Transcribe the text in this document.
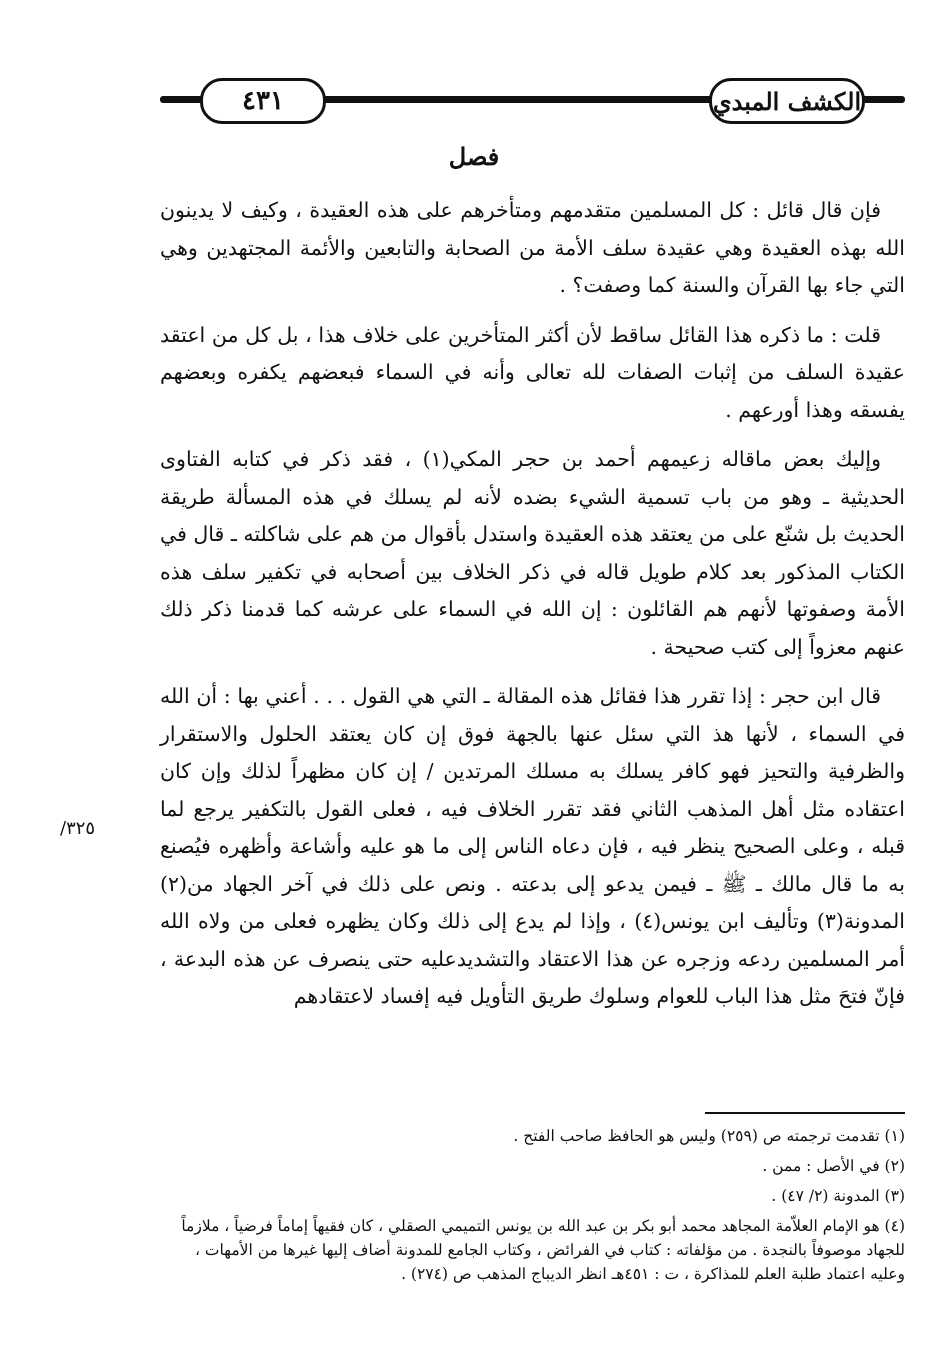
٤٣١	الكشف المبدي
فصل

فإن قال قائل : كل المسلمين متقدمهم ومتأخرهم على هذه العقيدة ، وكيف لا يدينون الله بهذه العقيدة وهي عقيدة سلف الأمة من الصحابة والتابعين والأئمة المجتهدين وهي التي جاء بها القرآن والسنة كما وصفت؟ .

قلت : ما ذكره هذا القائل ساقط لأن أكثر المتأخرين على خلاف هذا ، بل كل من اعتقد عقيدة السلف من إثبات الصفات لله تعالى وأنه في السماء فبعضهم يكفره وبعضهم يفسقه وهذا أورعهم .

وإليك بعض ماقاله زعيمهم أحمد بن حجر المكي(١) ، فقد ذكر في كتابه الفتاوى الحديثية ـ وهو من باب تسمية الشيء بضده لأنه لم يسلك في هذه المسألة طريقة الحديث بل شنّع على من يعتقد هذه العقيدة واستدل بأقوال من هم على شاكلته ـ قال في الكتاب المذكور بعد كلام طويل قاله في ذكر الخلاف بين أصحابه في تكفير سلف هذه الأمة وصفوتها لأنهم هم القائلون : إن الله في السماء على عرشه كما قدمنا ذكر ذلك عنهم معزواً إلى كتب صحيحة .

قال ابن حجر : إذا تقرر هذا فقائل هذه المقالة ـ التي هي القول . . . أعني بها : أن الله في السماء ، لأنها هذ التي سئل عنها بالجهة فوق إن كان يعتقد الحلول والاستقرار والظرفية والتحيز فهو كافر يسلك به مسلك المرتدين / إن كان مظهراً لذلك وإن كان اعتقاده مثل أهل المذهب الثاني فقد تقرر الخلاف فيه ، فعلى القول بالتكفير يرجع لما قبله ، وعلى الصحيح ينظر فيه ، فإن دعاه الناس إلى ما هو عليه وأشاعة وأظهره فيُصنع به ما قال مالك ـ ﷺ ـ فيمن يدعو إلى بدعته . ونص على ذلك في آخر الجهاد من(٢) المدونة(٣) وتأليف ابن يونس(٤) ، وإذا لم يدع إلى ذلك وكان يظهره فعلى من ولاه الله أمر المسلمين ردعه وزجره عن هذا الاعتقاد والتشديدعليه حتى ينصرف عن هذه البدعة ، فإنّ فتحَ مثل هذا الباب للعوام وسلوك طريق التأويل فيه إفساد لاعتقادهم

٣٢٥/
(١) تقدمت ترجمته ص (٢٥٩) وليس هو الحافظ صاحب الفتح .
(٢) في الأصل : ممن .
(٣) المدونة (٢/ ٤٧) .
(٤) هو الإمام العلاّمة المجاهد محمد أبو بكر بن عبد الله بن يونس التميمي الصقلي ، كان فقيهاً إماماً فرضياً ، ملازماً للجهاد موصوفاً بالنجدة . من مؤلفاته : كتاب في الفرائض ، وكتاب الجامع للمدونة أضاف إليها غيرها من الأمهات ، وعليه اعتماد طلبة العلم للمذاكرة ، ت : ٤٥١هـ انظر الديباج المذهب ص (٢٧٤) .
